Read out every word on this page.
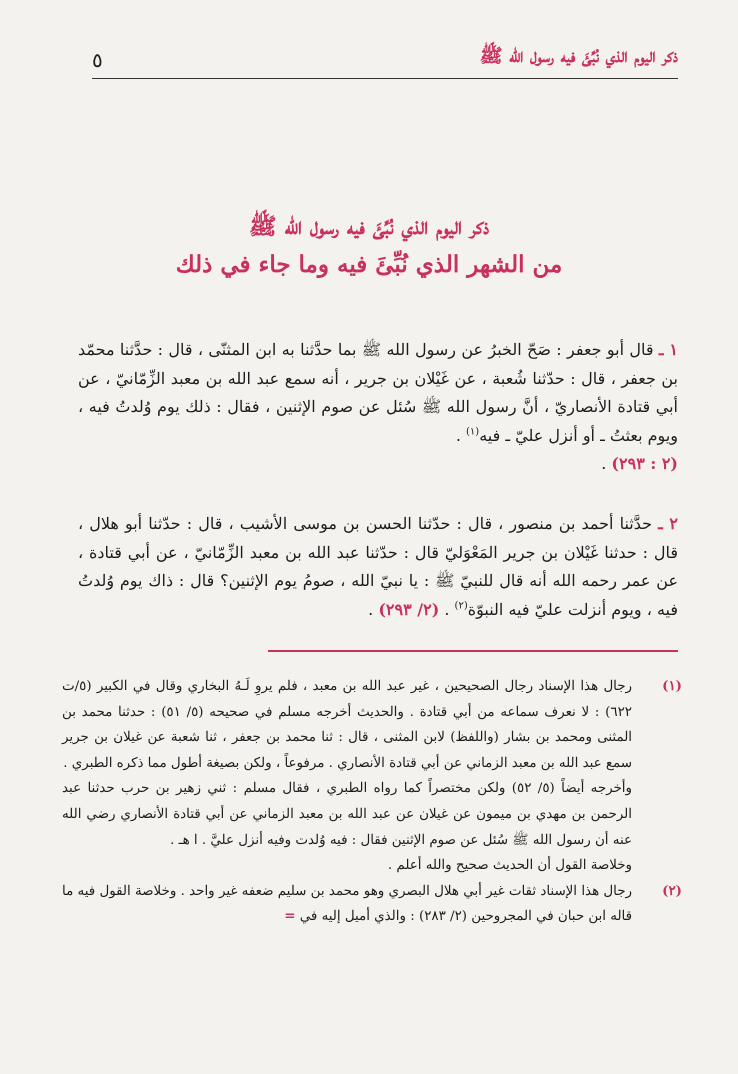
ذكر اليوم الذي نُبِّئَ فيه رسول الله ﷺ
٥
ذكر اليوم الذي نُبِّئَ فيه رسول الله ﷺ
من الشهر الذي نُبِّئَ فيه وما جاء في ذلك

١ ـ قال أبو جعفر : صَحّ الخبرُ عن رسول الله ﷺ بما حدَّثنا به ابن المثنّى ، قال : حدَّثنا محمّد بن جعفر ، قال : حدّثنا شُعبة ، عن غَيْلان بن جرير ، أنه سمع عبد الله بن معبد الزِّمّانيّ ، عن أبي قتادة الأنصاريّ ، أنَّ رسول الله ﷺ سُئل عن صوم الإثنين ، فقال : ذلك يوم وُلدتُ فيه ، ويوم بعثتُ ـ أو أنزل عليّ ـ فيه$^{(١)}$ .
(٢ : ٢٩٣) .

٢ ـ حدَّثنا أحمد بن منصور ، قال : حدّثنا الحسن بن موسى الأشيب ، قال : حدّثنا أبو هلال ، قال : حدثنا غَيْلان بن جرير المَعْوَليّ قال : حدّثنا عبد الله بن معبد الزِّمّانيّ ، عن أبي قتادة ، عن عمر رحمه الله أنه قال للنبيّ ﷺ : يا نبيّ الله ، صومُ يوم الإثنين؟ قال : ذاك يوم وُلدتُ فيه ، ويوم أنزلت عليّ فيه النبوّة$^{(٢)}$ . (٢/ ٢٩٣) .

(١)

رجال هذا الإسناد رجال الصحيحين ، غير عبد الله بن معبد ، فلم يروِ لَـهُ البخاري وقال في الكبير (٥/ت ٦٢٢) : لا نعرف سماعه من أبي قتادة . والحديث أخرجه مسلم في صحيحه (٥/ ٥١) : حدثنا محمد بن المثنى ومحمد بن بشار (واللفظ) لابن المثنى ، قال : ثنا محمد بن جعفر ، ثنا شعبة عن غيلان بن جرير سمع عبد الله بن معبد الزماني عن أبي قتادة الأنصاري . مرفوعاً ، ولكن بصيغة أطول مما ذكره الطبري .

وأخرجه أيضاً (٥/ ٥٢) ولكن مختصراً كما رواه الطبري ، فقال مسلم : ثني زهير بن حرب حدثنا عبد الرحمن بن مهدي بن ميمون عن غيلان عن عبد الله بن معبد الزماني عن أبي قتادة الأنصاري رضي الله عنه أن رسول الله ﷺ سُئل عن صوم الإثنين فقال : فيه وُلدت وفيه أنزل عليَّ . ا هـ .

وخلاصة القول أن الحديث صحيح والله أعلم .

(٢)

رجال هذا الإسناد ثقات غير أبي هلال البصري وهو محمد بن سليم ضعفه غير واحد . وخلاصة القول فيه ما قاله ابن حبان في المجروحين (٢/ ٢٨٣) : والذي أميل إليه في =
